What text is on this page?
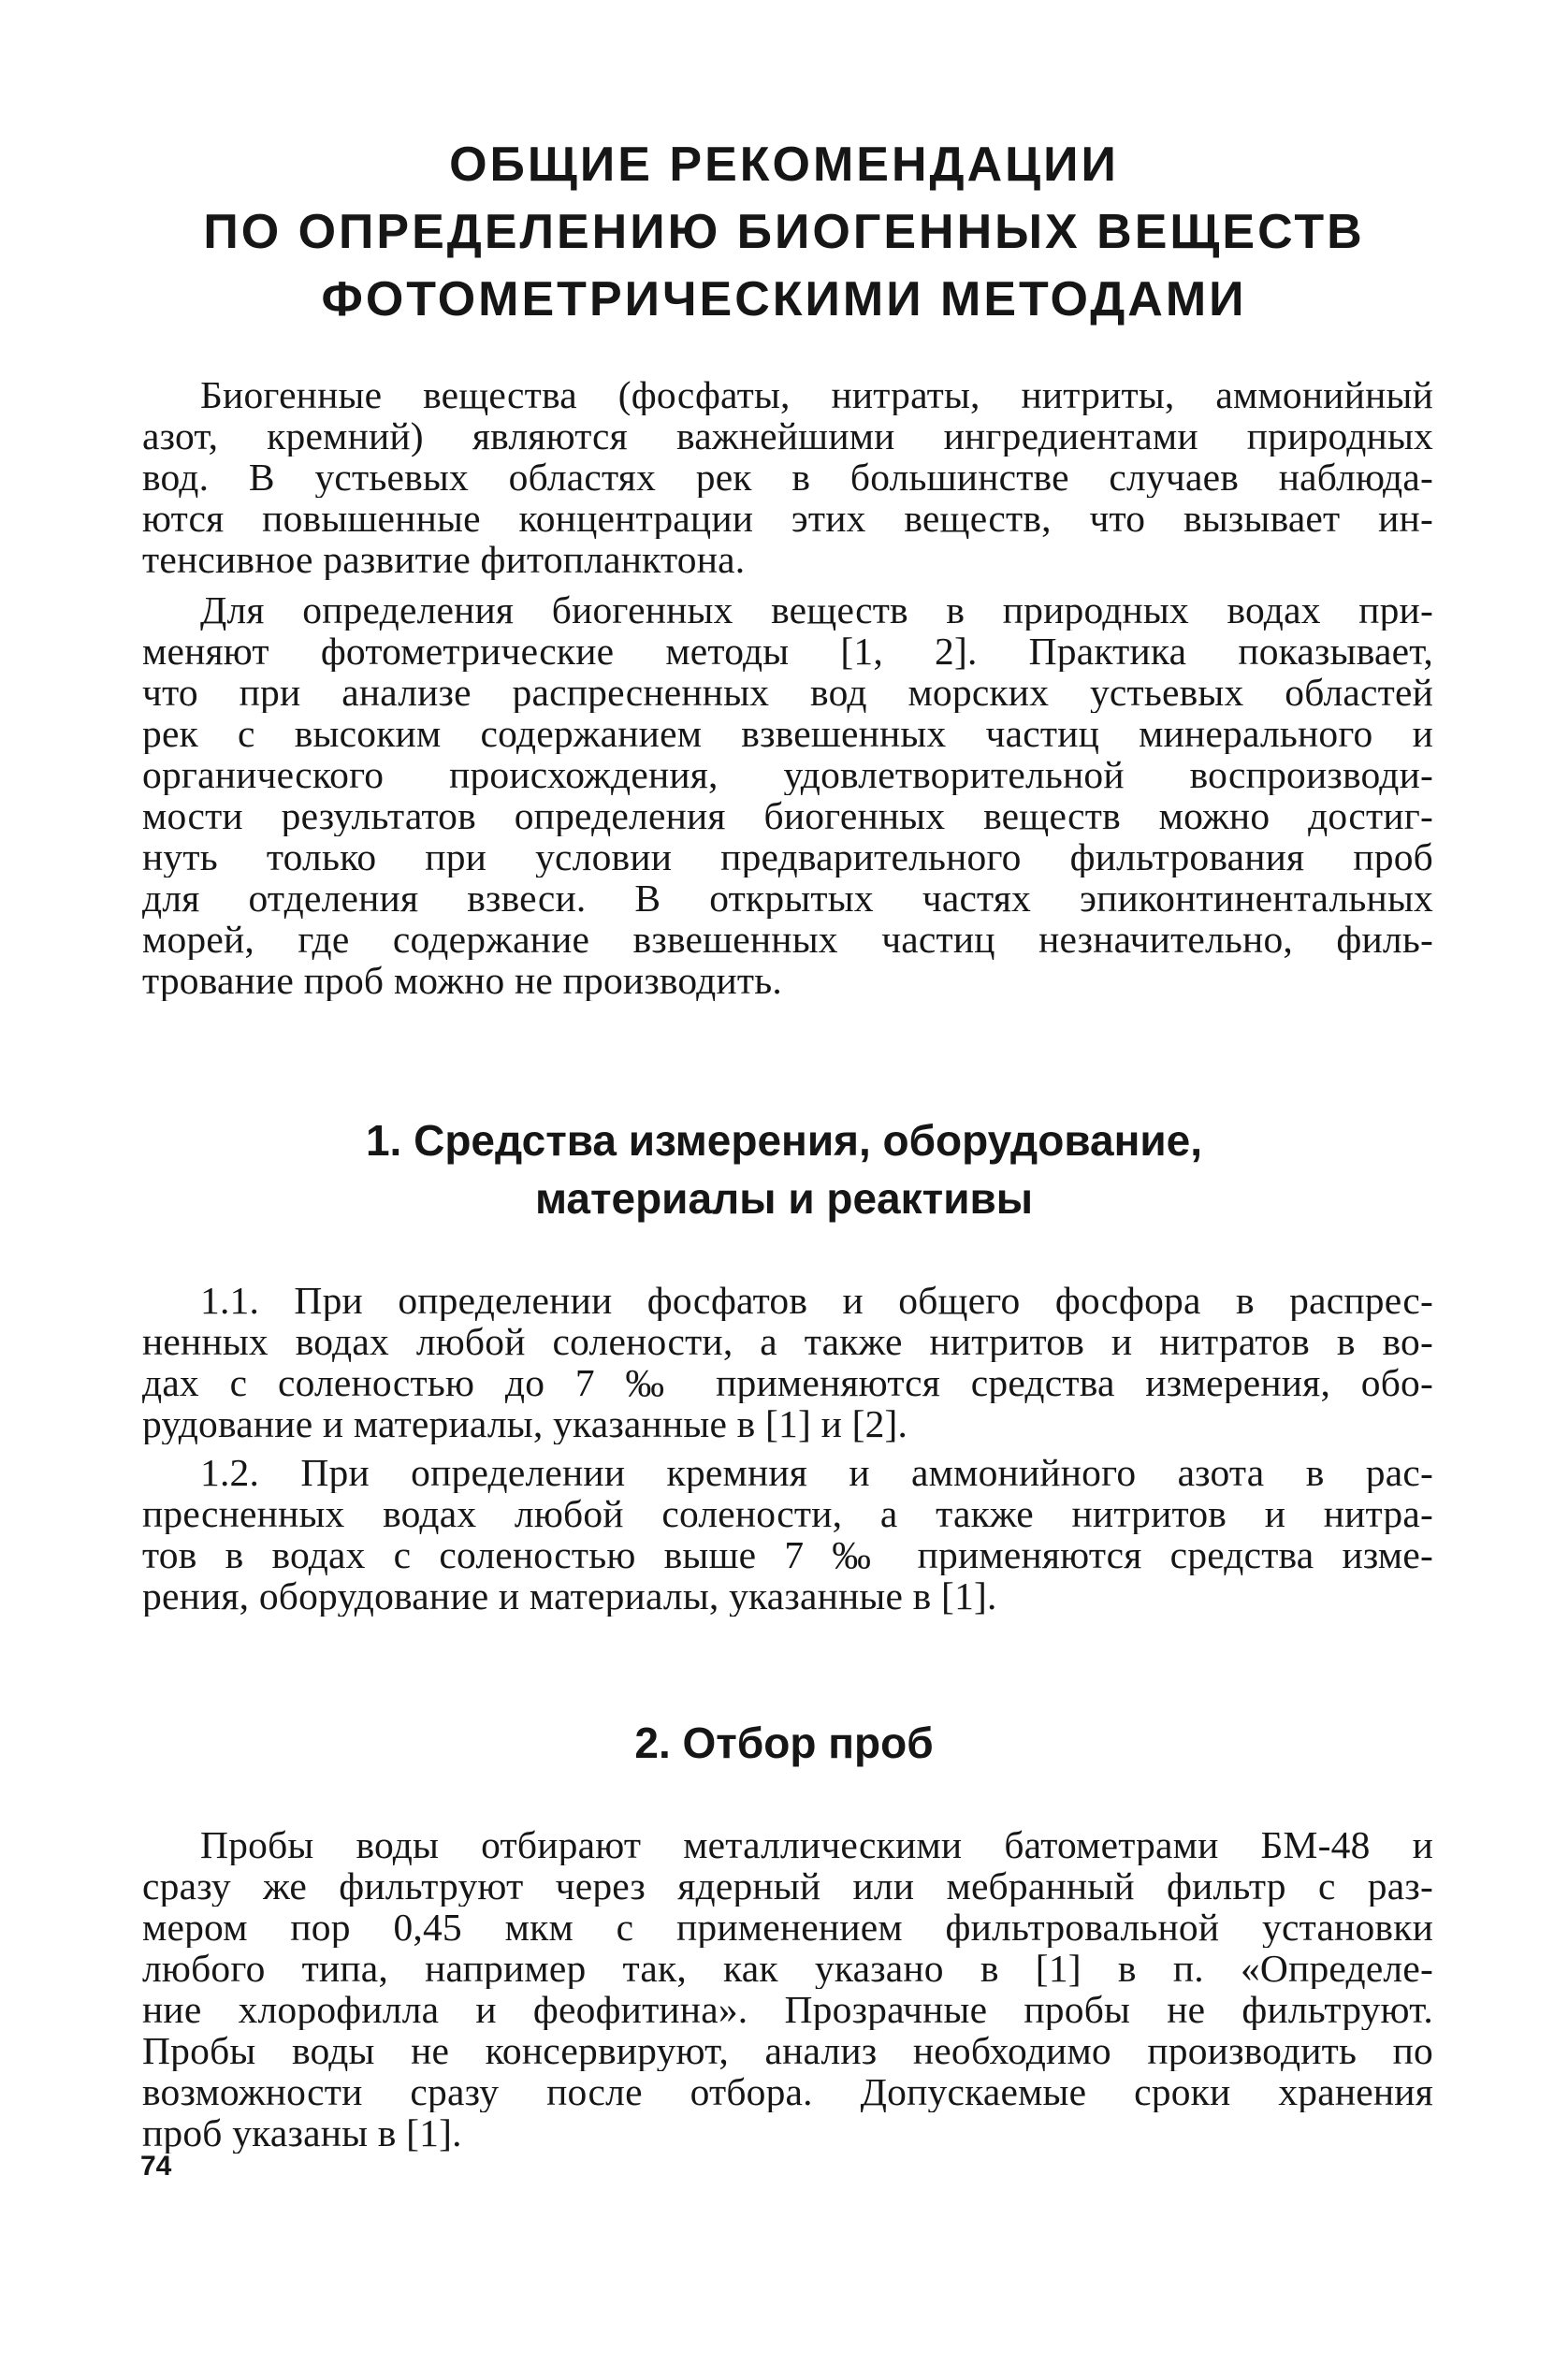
ОБЩИЕ РЕКОМЕНДАЦИИ
ПО ОПРЕДЕЛЕНИЮ БИОГЕННЫХ ВЕЩЕСТВ
ФОТОМЕТРИЧЕСКИМИ МЕТОДАМИ
Биогенные вещества (фосфаты, нитраты, нитриты, аммонийный
азот, кремний) являются важнейшими ингредиентами природных
вод. В устьевых областях рек в большинстве случаев наблюда-
ются повышенные концентрации этих веществ, что вызывает ин-
тенсивное развитие фитопланктона.
Для определения биогенных веществ в природных водах при-
меняют фотометрические методы [1, 2]. Практика показывает,
что при анализе распресненных вод морских устьевых областей
рек с высоким содержанием взвешенных частиц минерального и
органического происхождения, удовлетворительной воспроизводи-
мости результатов определения биогенных веществ можно достиг-
нуть только при условии предварительного фильтрования проб
для отделения взвеси. В открытых частях эпиконтинентальных
морей, где содержание взвешенных частиц незначительно, филь-
трование проб можно не производить.
1. Средства измерения, оборудование,
материалы и реактивы
1.1. При определении фосфатов и общего фосфора в распрес-
ненных водах любой солености, а также нитритов и нитратов в во-
дах с соленостью до 7 ‰ применяются средства измерения, обо-
рудование и материалы, указанные в [1] и [2].
1.2. При определении кремния и аммонийного азота в рас-
пресненных водах любой солености, а также нитритов и нитра-
тов в водах с соленостью выше 7 ‰ применяются средства изме-
рения, оборудование и материалы, указанные в [1].
2. Отбор проб
Пробы воды отбирают металлическими батометрами БМ-48 и
сразу же фильтруют через ядерный или мебранный фильтр с раз-
мером пор 0,45 мкм с применением фильтровальной установки
любого типа, например так, как указано в [1] в п. «Определе-
ние хлорофилла и феофитина». Прозрачные пробы не фильтруют.
Пробы воды не консервируют, анализ необходимо производить по
возможности сразу после отбора. Допускаемые сроки хранения
проб указаны в [1].
74
